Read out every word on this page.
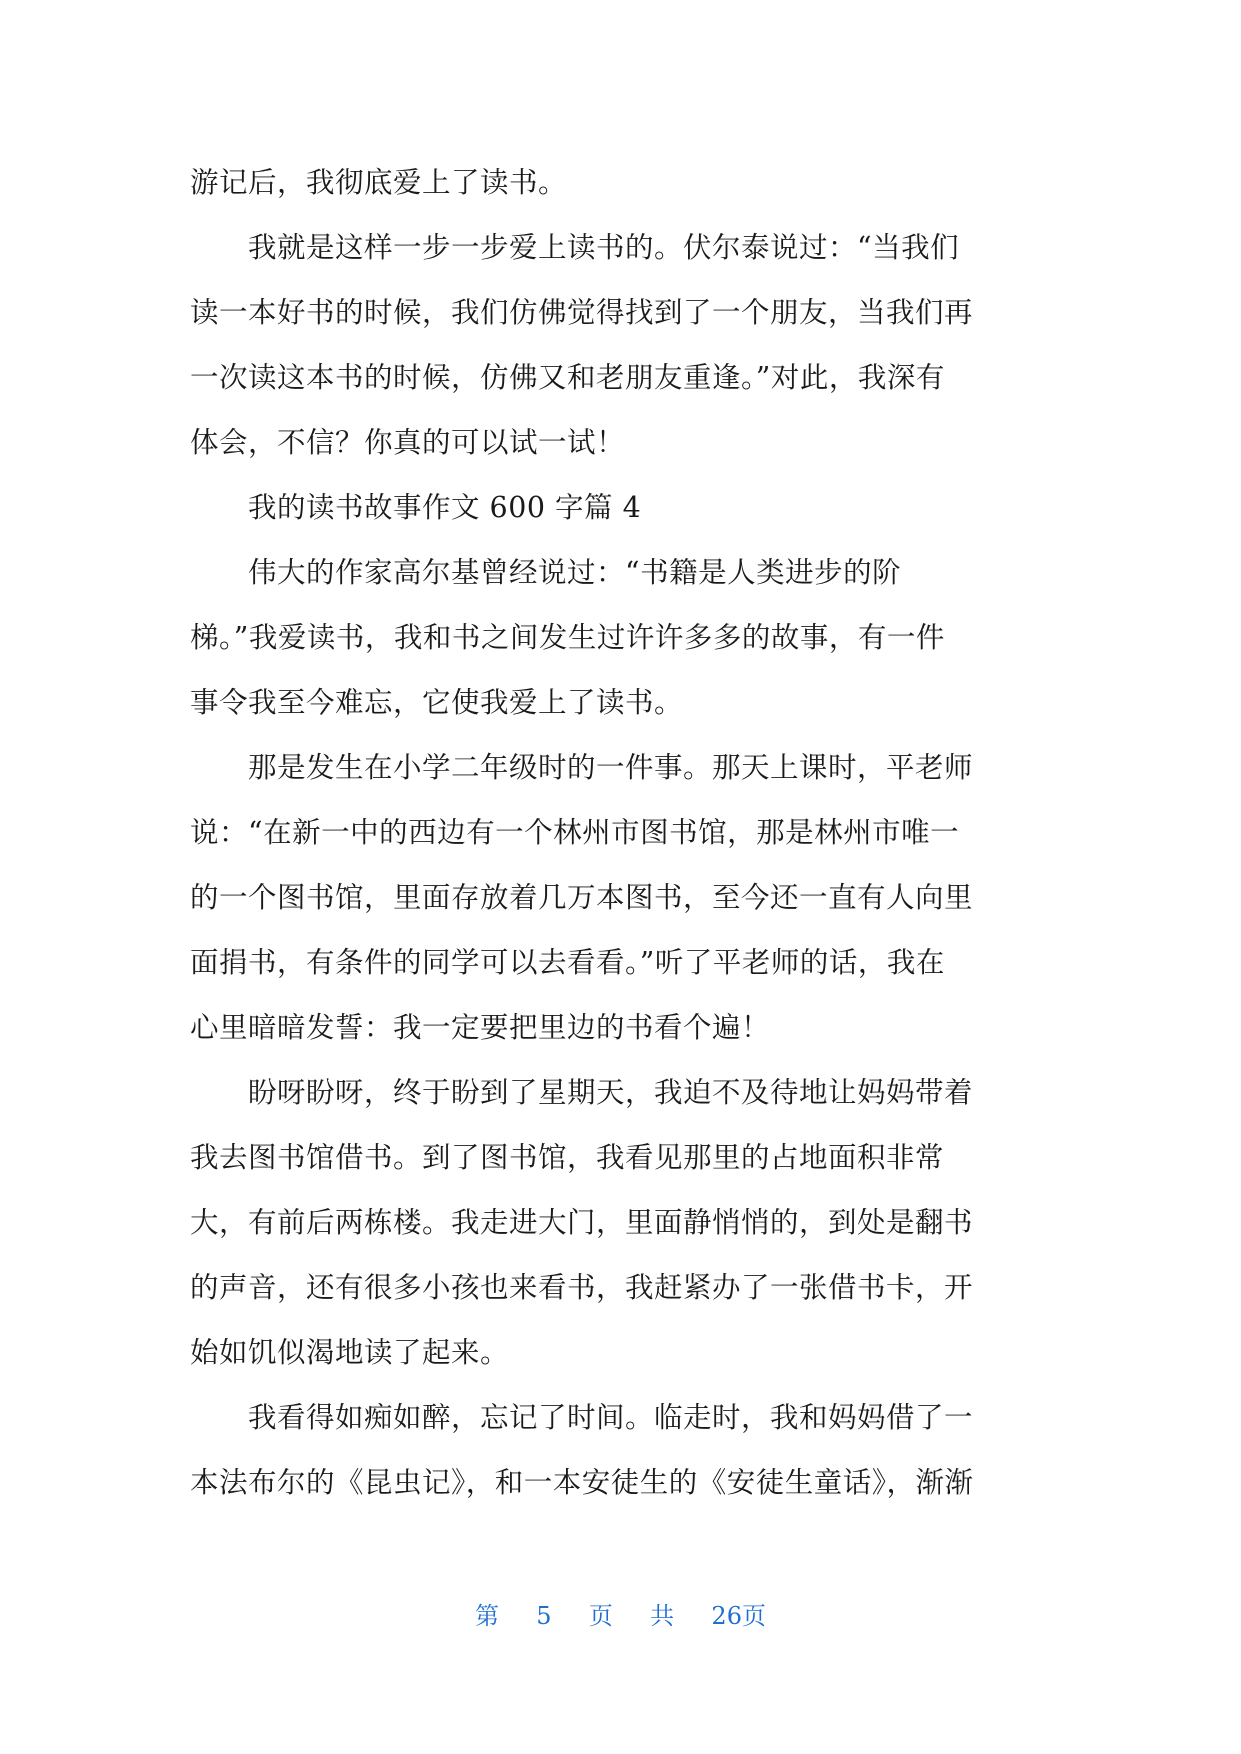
游记后，我彻底爱上了读书。
　　我就是这样一步一步爱上读书的。伏尔泰说过：“当我们
读一本好书的时候，我们仿佛觉得找到了一个朋友，当我们再
一次读这本书的时候，仿佛又和老朋友重逢。”对此，我深有
体会，不信？你真的可以试一试！
　　我的读书故事作文 600 字篇 4
　　伟大的作家高尔基曾经说过：“书籍是人类进步的阶
梯。”我爱读书，我和书之间发生过许许多多的故事，有一件
事令我至今难忘，它使我爱上了读书。
　　那是发生在小学二年级时的一件事。那天上课时，平老师
说：“在新一中的西边有一个林州市图书馆，那是林州市唯一
的一个图书馆，里面存放着几万本图书，至今还一直有人向里
面捐书，有条件的同学可以去看看。”听了平老师的话，我在
心里暗暗发誓：我一定要把里边的书看个遍！
　　盼呀盼呀，终于盼到了星期天，我迫不及待地让妈妈带着
我去图书馆借书。到了图书馆，我看见那里的占地面积非常
大，有前后两栋楼。我走进大门，里面静悄悄的，到处是翻书
的声音，还有很多小孩也来看书，我赶紧办了一张借书卡，开
始如饥似渴地读了起来。
　　我看得如痴如醉，忘记了时间。临走时，我和妈妈借了一
本法布尔的《昆虫记》，和一本安徒生的《安徒生童话》，渐渐
第 5 页 共 26页
